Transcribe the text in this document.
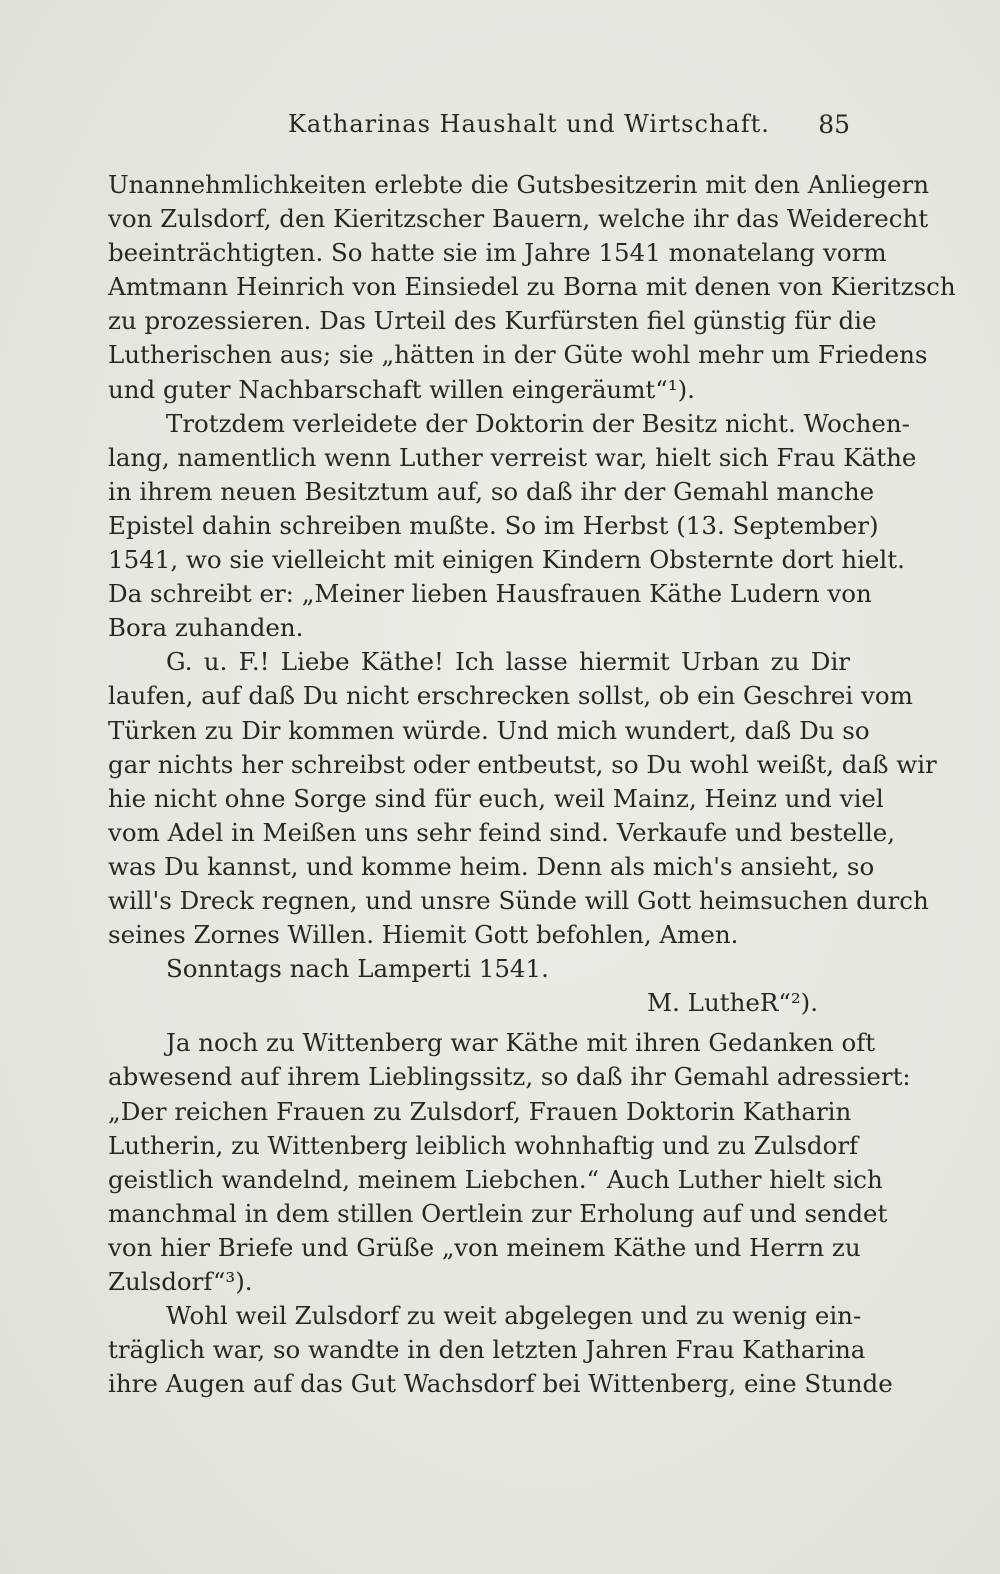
Katharinas Haushalt und Wirtschaft. 85
Unannehmlichkeiten erlebte die Gutsbesitzerin mit den Anliegern
von Zulsdorf, den Kieritzscher Bauern, welche ihr das Weiderecht
beeinträchtigten. So hatte sie im Jahre 1541 monatelang vorm
Amtmann Heinrich von Einsiedel zu Borna mit denen von Kieritzsch
zu prozessieren. Das Urteil des Kurfürsten fiel günstig für die
Lutherischen aus; sie „hätten in der Güte wohl mehr um Friedens
und guter Nachbarschaft willen eingeräumt“¹).
Trotzdem verleidete der Doktorin der Besitz nicht. Wochen-
lang, namentlich wenn Luther verreist war, hielt sich Frau Käthe
in ihrem neuen Besitztum auf, so daß ihr der Gemahl manche
Epistel dahin schreiben mußte. So im Herbst (13. September)
1541, wo sie vielleicht mit einigen Kindern Obsternte dort hielt.
Da schreibt er: „Meiner lieben Hausfrauen Käthe Ludern von
Bora zuhanden.
G. u. F.! Liebe Käthe! Ich lasse hiermit Urban zu Dir
laufen, auf daß Du nicht erschrecken sollst, ob ein Geschrei vom
Türken zu Dir kommen würde. Und mich wundert, daß Du so
gar nichts her schreibst oder entbeutst, so Du wohl weißt, daß wir
hie nicht ohne Sorge sind für euch, weil Mainz, Heinz und viel
vom Adel in Meißen uns sehr feind sind. Verkaufe und bestelle,
was Du kannst, und komme heim. Denn als mich's ansieht, so
will's Dreck regnen, und unsre Sünde will Gott heimsuchen durch
seines Zornes Willen. Hiemit Gott befohlen, Amen.
Sonntags nach Lamperti 1541.
M. LutheR“²).
Ja noch zu Wittenberg war Käthe mit ihren Gedanken oft
abwesend auf ihrem Lieblingssitz, so daß ihr Gemahl adressiert:
„Der reichen Frauen zu Zulsdorf, Frauen Doktorin Katharin
Lutherin, zu Wittenberg leiblich wohnhaftig und zu Zulsdorf
geistlich wandelnd, meinem Liebchen.“ Auch Luther hielt sich
manchmal in dem stillen Oertlein zur Erholung auf und sendet
von hier Briefe und Grüße „von meinem Käthe und Herrn zu
Zulsdorf“³).
Wohl weil Zulsdorf zu weit abgelegen und zu wenig ein-
träglich war, so wandte in den letzten Jahren Frau Katharina
ihre Augen auf das Gut Wachsdorf bei Wittenberg, eine Stunde
